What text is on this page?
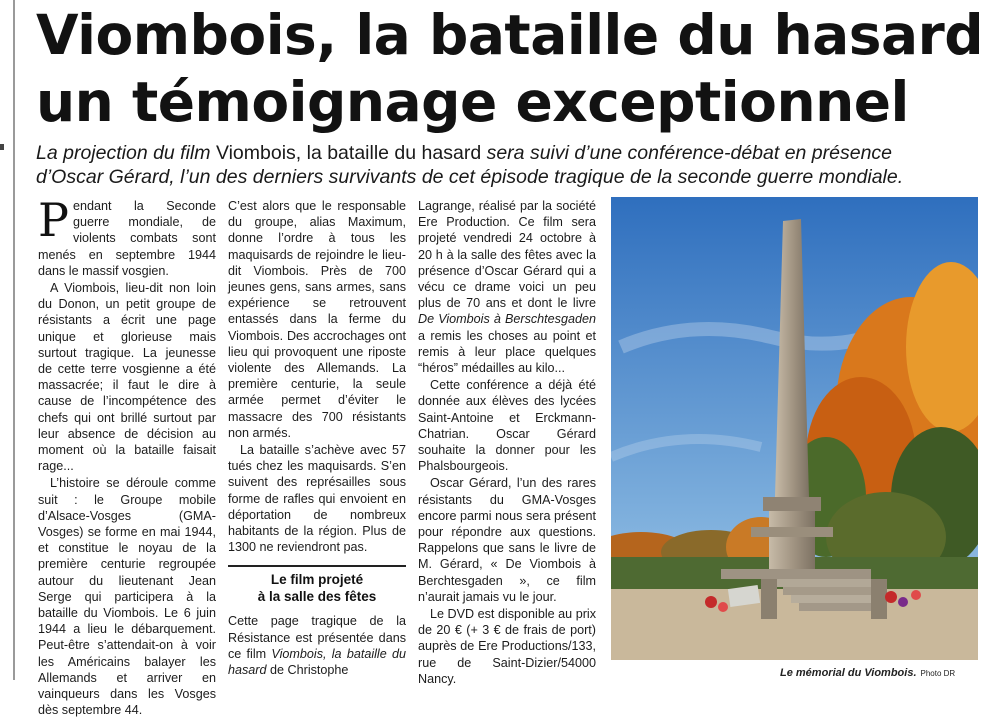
Viombois, la bataille du hasard
un témoignage exceptionnel

La projection du film Viombois, la bataille du hasard sera suivi d’une conférence-débat en présence
d’Oscar Gérard, l’un des derniers survivants de cet épisode tragique de la seconde guerre mondiale.

Pendant la Seconde guerre mondiale, de violents combats sont menés en septembre 1944 dans le massif vosgien.

A Viombois, lieu-dit non loin du Donon, un petit groupe de résistants a écrit une page unique et glorieuse mais surtout tragique. La jeunesse de cette terre vosgienne a été massacrée; il faut le dire à cause de l’incompétence des chefs qui ont brillé surtout par leur absence de décision au moment où la bataille faisait rage...

L’histoire se déroule comme suit : le Groupe mobile d’Alsace-Vosges (GMA-Vosges) se forme en mai 1944, et constitue le noyau de la première centurie regroupée autour du lieutenant Jean Serge qui participera à la bataille du Viombois. Le 6 juin 1944 a lieu le débarquement. Peut-être s’attendait-on à voir les Américains balayer les Allemands et arriver en vainqueurs dans les Vosges dès septembre 44.

C’est alors que le responsable du groupe, alias Maximum, donne l’ordre à tous les maquisards de rejoindre le lieu-dit Viombois. Près de 700 jeunes gens, sans armes, sans expérience se retrouvent entassés dans la ferme du Viombois. Des accrochages ont lieu qui provoquent une riposte violente des Allemands. La première centurie, la seule armée permet d’éviter le massacre des 700 résistants non armés.

La bataille s’achève avec 57 tués chez les maquisards. S’en suivent des représailles sous forme de rafles qui envoient en déportation de nombreux habitants de la région. Plus de 1300 ne reviendront pas.

Le film projeté
à la salle des fêtes

Cette page tragique de la Résistance est présentée dans ce film Viombois, la bataille du hasard de Christophe

Lagrange, réalisé par la société Ere Production. Ce film sera projeté vendredi 24 octobre à 20 h à la salle des fêtes avec la présence d’Oscar Gérard qui a vécu ce drame voici un peu plus de 70 ans et dont le livre De Viombois à Berschtesgaden a remis les choses au point et remis à leur place quelques “héros” médailles au kilo...

Cette conférence a déjà été donnée aux élèves des lycées Saint-Antoine et Erckmann-Chatrian. Oscar Gérard souhaite la donner pour les Phalsbourgeois.

Oscar Gérard, l’un des rares résistants du GMA-Vosges encore parmi nous sera présent pour répondre aux questions. Rappelons que sans le livre de M. Gérard, « De Viombois à Berchtesgaden », ce film n’aurait jamais vu le jour.

Le DVD est disponible au prix de 20 € (+ 3 € de frais de port) auprès de Ere Productions/133, rue de Saint-Dizier/54000 Nancy.	Le mémorial du Viombois. Photo DR
